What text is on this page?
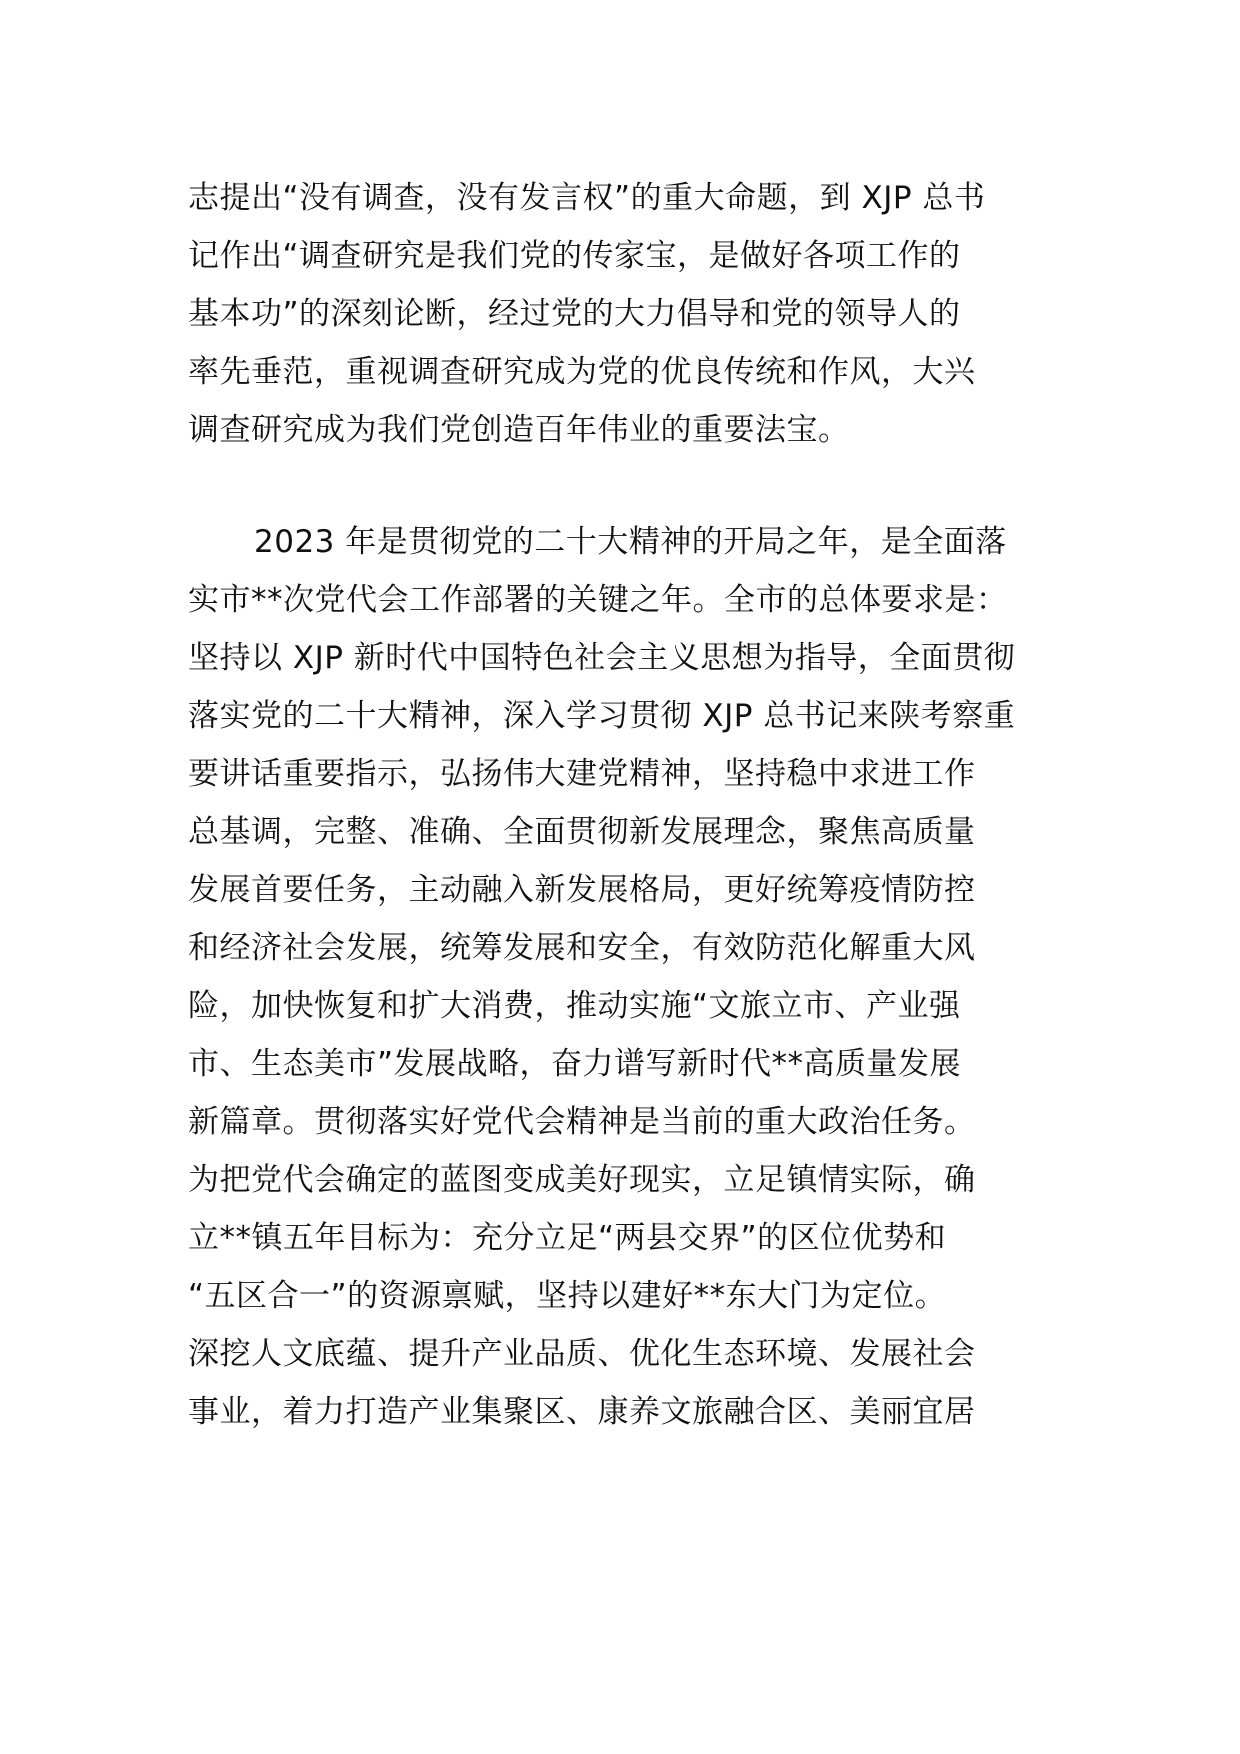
志提出“没有调查，没有发言权”的重大命题，到 XJP 总书
记作出“调查研究是我们党的传家宝，是做好各项工作的
基本功”的深刻论断，经过党的大力倡导和党的领导人的
率先垂范，重视调查研究成为党的优良传统和作风，大兴
调查研究成为我们党创造百年伟业的重要法宝。
2023 年是贯彻党的二十大精神的开局之年，是全面落
实市**次党代会工作部署的关键之年。全市的总体要求是：
坚持以 XJP 新时代中国特色社会主义思想为指导，全面贯彻
落实党的二十大精神，深入学习贯彻 XJP 总书记来陕考察重
要讲话重要指示，弘扬伟大建党精神，坚持稳中求进工作
总基调，完整、准确、全面贯彻新发展理念，聚焦高质量
发展首要任务，主动融入新发展格局，更好统筹疫情防控
和经济社会发展，统筹发展和安全，有效防范化解重大风
险，加快恢复和扩大消费，推动实施“文旅立市、产业强
市、生态美市”发展战略，奋力谱写新时代**高质量发展
新篇章。贯彻落实好党代会精神是当前的重大政治任务。
为把党代会确定的蓝图变成美好现实，立足镇情实际，确
立**镇五年目标为：充分立足“两县交界”的区位优势和
“五区合一”的资源禀赋，坚持以建好**东大门为定位。
深挖人文底蕴、提升产业品质、优化生态环境、发展社会
事业，着力打造产业集聚区、康养文旅融合区、美丽宜居
